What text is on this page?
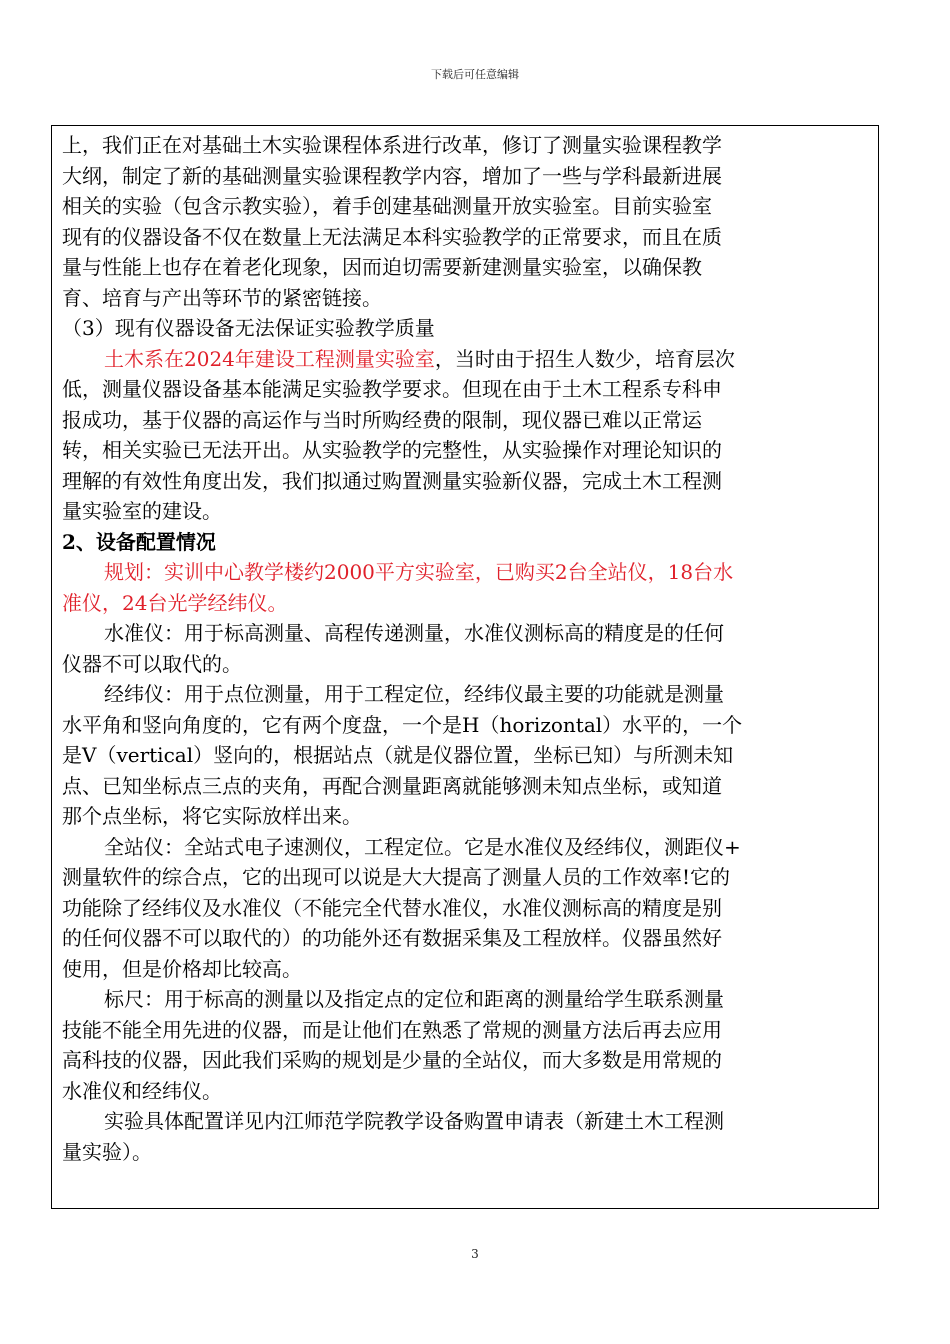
下载后可任意编辑

上，我们正在对基础土木实验课程体系进行改革，修订了测量实验课程教学

大纲，制定了新的基础测量实验课程教学内容，增加了一些与学科最新进展

相关的实验（包含示教实验），着手创建基础测量开放实验室。目前实验室

现有的仪器设备不仅在数量上无法满足本科实验教学的正常要求，而且在质

量与性能上也存在着老化现象，因而迫切需要新建测量实验室，以确保教

育、培育与产出等环节的紧密链接。

（3）现有仪器设备无法保证实验教学质量

土木系在2024年建设工程测量实验室，当时由于招生人数少，培育层次

低，测量仪器设备基本能满足实验教学要求。但现在由于土木工程系专科申

报成功，基于仪器的高运作与当时所购经费的限制，现仪器已难以正常运

转，相关实验已无法开出。从实验教学的完整性，从实验操作对理论知识的

理解的有效性角度出发，我们拟通过购置测量实验新仪器，完成土木工程测

量实验室的建设。

2、设备配置情况

规划：实训中心教学楼约2000平方实验室，已购买2台全站仪，18台水

准仪，24台光学经纬仪。

水准仪：用于标高测量、高程传递测量，水准仪测标高的精度是的任何

仪器不可以取代的。

经纬仪：用于点位测量，用于工程定位，经纬仪最主要的功能就是测量

水平角和竖向角度的，它有两个度盘，一个是H（horizontal）水平的，一个

是V（vertical）竖向的，根据站点（就是仪器位置，坐标已知）与所测未知

点、已知坐标点三点的夹角，再配合测量距离就能够测未知点坐标，或知道

那个点坐标，将它实际放样出来。

全站仪：全站式电子速测仪，工程定位。它是水准仪及经纬仪，测距仪+

测量软件的综合点，它的出现可以说是大大提高了测量人员的工作效率!它的

功能除了经纬仪及水准仪（不能完全代替水准仪，水准仪测标高的精度是别

的任何仪器不可以取代的）的功能外还有数据采集及工程放样。仪器虽然好

使用，但是价格却比较高。

标尺：用于标高的测量以及指定点的定位和距离的测量给学生联系测量

技能不能全用先进的仪器，而是让他们在熟悉了常规的测量方法后再去应用

高科技的仪器，因此我们采购的规划是少量的全站仪，而大多数是用常规的

水准仪和经纬仪。

实验具体配置详见内江师范学院教学设备购置申请表（新建土木工程测

量实验）。

3
